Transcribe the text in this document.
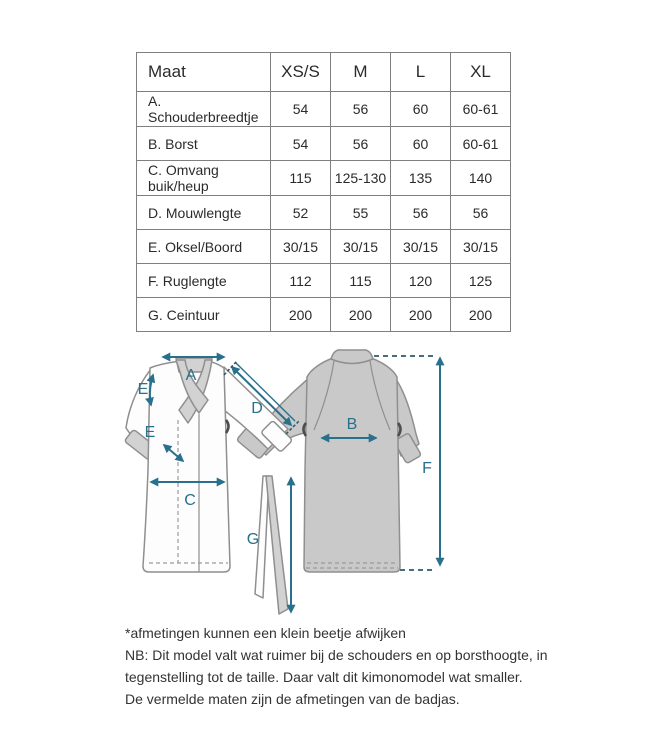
Maat	XS/S	M	L	XL
A. Schouderbreedtje	54	56	60	60-61
B. Borst	54	56	60	60-61
C. Omvang buik/heup	115	125-130	135	140
D. Mouwlengte	52	55	56	56
E. Oksel/Boord	30/15	30/15	30/15	30/15
F. Ruglengte	112	115	120	125
G. Ceintuur	200	200	200	200
A
B
C
D
E
E
F
G
*afmetingen kunnen een klein beetje afwijken
NB: Dit model valt wat ruimer bij de schouders en op borsthoogte, in
tegenstelling tot de taille. Daar valt dit kimonomodel wat smaller.
De vermelde maten zijn de afmetingen van de badjas.
